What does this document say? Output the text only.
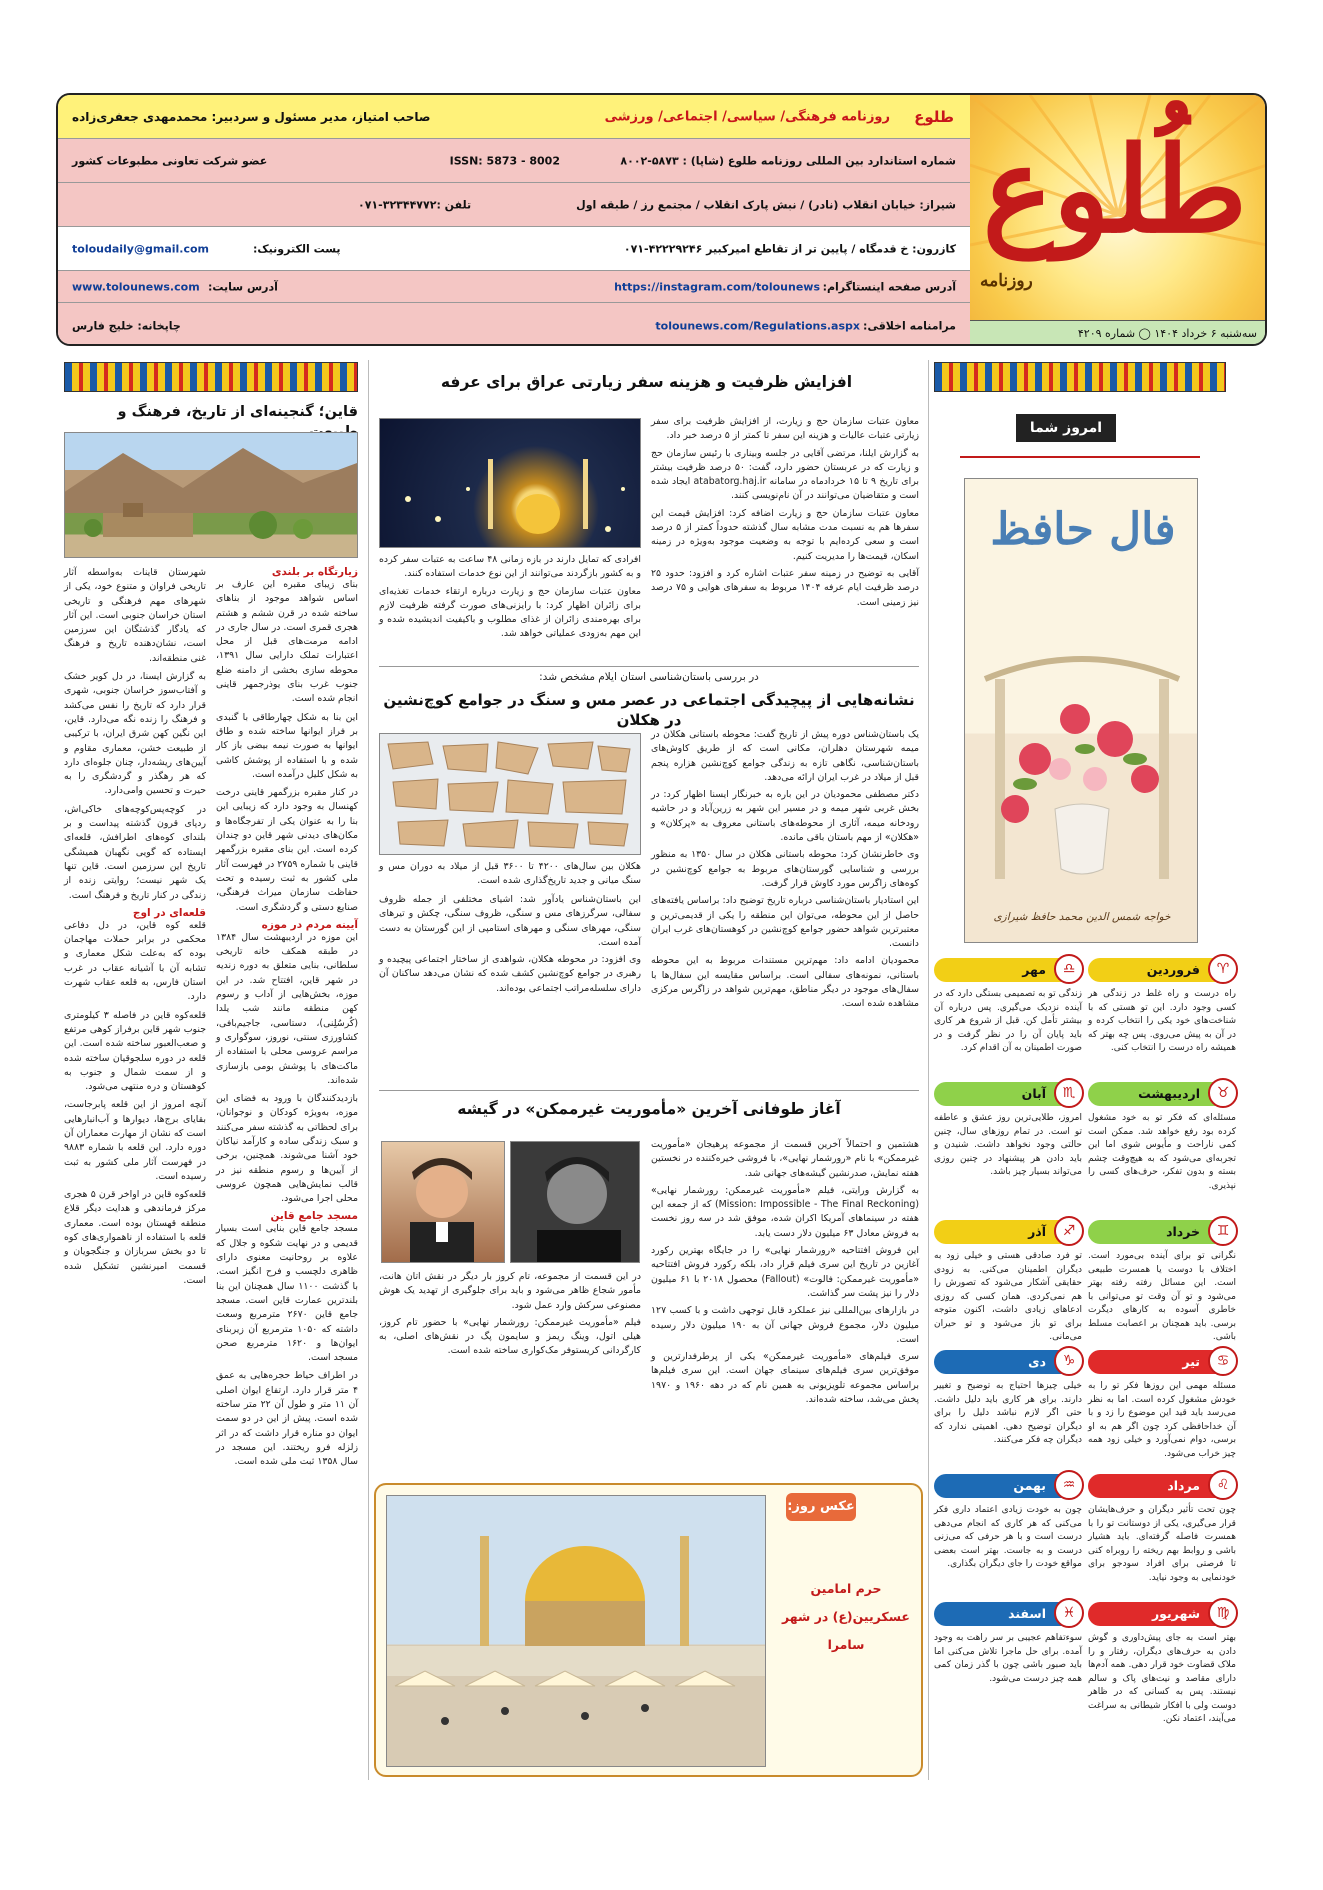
طُلوع
روزنامه
سه‌شنبه ۶ خرداد ۱۴۰۴ ◯ شماره ۴۲۰۹
طلوع
روزنامه فرهنگی/ سیاسی/ اجتماعی/ ورزشی
صاحب امتیاز، مدیر مسئول و سردبیر: محمدمهدی جعفری‌زاده
شماره استاندارد بین المللی روزنامه طلوع (شاپا) : ۵۸۷۳-۸۰۰۲
ISSN: 5873 - 8002
عضو شرکت تعاونی مطبوعات کشور
شیراز: خیابان انقلاب (نادر) / نبش پارک انقلاب / مجتمع رز / طبقه اول
تلفن :۳۲۳۴۴۷۷۲-۰۷۱
کازرون: خ قدمگاه / پایین تر از تقاطع امیرکبیر ۴۲۲۲۹۲۴۶-۰۷۱
پست الکترونیک:
toloudaily@gmail.com
آدرس صفحه اینستاگرام:
https://instagram.com/tolounews
آدرس سایت:
www.tolounews.com
مرامنامه اخلاقی:
tolounews.com/Regulations.aspx
چاپخانه: خلیج فارس
قاین؛ گنجینه‌ای از تاریخ، فرهنگ و
زیارتگاه بر بلندی

بنای زیبای مقبره این عارف بر اساس شواهد موجود از بناهای ساخته شده در قرن ششم و هشتم هجری قمری است. در سال جاری در ادامه مرمت‌های قبل از محل اعتبارات تملک دارایی سال ۱۳۹۱، محوطه سازی بخشی از دامنه ضلع جنوب غرب بنای یوذرجمهر قاینی انجام شده است.

این بنا به شکل چهارطاقی با گنبدی بر فراز ایوانها ساخته شده و طاق ایوانها به صورت نیمه بیضی باز کار شده و با استفاده از پوشش کاشی به شکل کلیل درآمده است.

در کنار مقبره بزرگمهر قاینی درخت کهنسال به وجود دارد که زیبایی این بنا را به عنوان یکی از تفرجگاه‌ها و مکان‌های دیدنی شهر قاین دو چندان کرده است. این بنای مقبره بزرگمهر قاینی با شماره ۲۷۵۹ در فهرست آثار ملی کشور به ثبت رسیده و تحت حفاظت سازمان میراث فرهنگی، صنایع دستی و گردشگری است.

آیینه مردم در موزه

این موزه در اردیبهشت سال ۱۳۸۴ در طبقه همکف خانه تاریخی سلطانی، بنایی متعلق به دوره زندیه در شهر قاین، افتتاح شد. در این موزه، بخش‌هایی از آداب و رسوم کهن منطقه مانند شب یلدا (کُرسُلِنی)، دستاسی، جاجیم‌بافی، کشاورزی سنتی، نوروز، سوگواری و مراسم عروسی محلی با استفاده از ماکت‌های با پوشش بومی بازسازی شده‌اند.

بازدیدکنندگان با ورود به فضای این موزه، به‌ویژه کودکان و نوجوانان، برای لحظاتی به گذشته سفر می‌کنند و سبک زندگی ساده و کارآمد نیاکان خود آشنا می‌شوند. همچنین، برخی از آیین‌ها و رسوم منطقه نیز در قالب نمایش‌هایی همچون عروسی محلی اجرا می‌شود.

مسجد جامع قاین

مسجد جامع قاین بنایی است بسیار قدیمی و در نهایت شکوه و جلال که علاوه بر روحانیت معنوی دارای ظاهری دلچسب و فرح انگیز است. با گذشت ۱۱۰۰ سال همچنان این بنا بلندترین عمارت قاین است. مسجد جامع قاین ۲۶۷۰ مترمربع وسعت داشته که ۱۰۵۰ مترمربع آن زیربنای ایوان‌ها و ۱۶۲۰ مترمربع صحن مسجد است.

در اطراف حیاط حجره‌هایی به عمق ۴ متر قرار دارد. ارتفاع ایوان اصلی آن ۱۱ متر و طول آن ۲۲ متر ساخته شده است. پیش از این در دو سمت ایوان دو مناره قرار داشت که در اثر زلزله فرو ریختند. این مسجد در سال ۱۳۵۸ ثبت ملی شده است.

شهرستان قاینات به‌واسطه آثار تاریخی فراوان و متنوع خود، یکی از شهرهای مهم فرهنگی و تاریخی استان خراسان جنوبی است. این آثار که یادگار گذشتگان این سرزمین است، نشان‌دهنده تاریخ و فرهنگ غنی منطقه‌اند.

به گزارش ایسنا، در دل کویر خشک و آفتاب‌سوز خراسان جنوبی، شهری قرار دارد که تاریخ را نفس می‌کشد و فرهنگ را زنده نگه می‌دارد. قاین، این نگین کهن شرق ایران، با ترکیبی از طبیعت خشن، معماری مقاوم و آیین‌های ریشه‌دار، چنان جلوه‌ای دارد که هر رهگذر و گردشگری را به حیرت و تحسین وامی‌دارد.

در کوچه‌پس‌کوچه‌های خاکی‌اش، ردپای قرون گذشته پیداست و بر بلندای کوه‌های اطرافش، قلعه‌ای ایستاده که گویی نگهبان همیشگی تاریخ این سرزمین است. قاین تنها یک شهر نیست؛ روایتی زنده از زندگی در کنار تاریخ و فرهنگ است.

قلعه‌ای در اوج

قلعه کوه قاین، در دل دفاعی محکمی در برابر حملات مهاجمان بوده که به‌علت شکل معماری و تشابه آن با آشیانه عقاب در غرب استان فارس، به قلعه عقاب شهرت دارد.

قلعه‌کوه قاین در فاصله ۳ کیلومتری جنوب شهر قاین برفراز کوهی مرتفع و صعب‌العبور ساخته شده است. این قلعه در دوره سلجوقیان ساخته شده و از سمت شمال و جنوب به کوهستان و دره منتهی می‌شود.

آنچه امروز از این قلعه پابرجاست، بقایای برج‌ها، دیوارها و آب‌انبارهایی است که نشان از مهارت معماران آن دوره دارد. این قلعه با شماره ۹۸۸۳ در فهرست آثار ملی کشور به ثبت رسیده است.

قلعه‌کوه قاین در اواخر قرن ۵ هجری مرکز فرماندهی و هدایت دیگر قلاع منطقه قهستان بوده است. معماری قلعه با استفاده از ناهمواری‌های کوه تا دو بخش سربازان و جنگجویان و قسمت امیرنشین تشکیل شده است.

افزایش ظرفیت و هزینه سفر زیارتی عراق برای عرفه

معاون عتبات سازمان حج و زیارت، از افزایش ظرفیت برای سفر زیارتی عتبات عالیات و هزینه این سفر تا کمتر از ۵ درصد خبر داد.

به گزارش ایلنا، مرتضی آقایی در جلسه وبیناری با رئیس سازمان حج و زیارت که در عربستان حضور دارد، گفت: ۵۰ درصد ظرفیت بیشتر برای تاریخ ۹ تا ۱۵ خردادماه در سامانه atabatorg.haj.ir ایجاد شده است و متقاضیان می‌توانند در آن نام‌نویسی کنند.

معاون عتبات سازمان حج و زیارت اضافه کرد: افزایش قیمت این سفرها هم به نسبت مدت مشابه سال گذشته حدوداً کمتر از ۵ درصد است و سعی کرده‌ایم با توجه به وضعیت موجود به‌ویژه در زمینه اسکان، قیمت‌ها را مدیریت کنیم.

آقایی به توضیح در زمینه سفر عتبات اشاره کرد و افزود: حدود ۲۵ درصد ظرفیت ایام عرفه ۱۴۰۴ مربوط به سفرهای هوایی و ۷۵ درصد نیز زمینی است.

افرادی که تمایل دارند در بازه زمانی ۴۸ ساعت به عتبات سفر کرده و به کشور بازگردند می‌توانند از این نوع خدمات استفاده کنند.

معاون عتبات سازمان حج و زیارت درباره ارتقاء خدمات تغذیه‌ای برای زائران اظهار کرد: با رایزنی‌های صورت گرفته ظرفیت لازم برای بهره‌مندی زائران از غذای مطلوب و باکیفیت اندیشیده شده و این مهم به‌زودی عملیاتی خواهد شد.

در بررسی باستان‌شناسی استان ایلام مشخص شد:
نشانه‌هایی از پیچیدگی اجتماعی در عصر مس و سنگ در جوامع کوچ‌نشین در هکلان

یک باستان‌شناس دوره پیش از تاریخ گفت: محوطه باستانی هکلان در میمه شهرستان دهلران، مکانی است که از طریق کاوش‌های باستان‌شناسی، نگاهی تازه به زندگی جوامع کوچ‌نشین هزاره پنجم قبل از میلاد در غرب ایران ارائه می‌دهد.

دکتر مصطفی محمودیان در این باره به خبرنگار ایسنا اظهار کرد: در بخش غربی شهر میمه و در مسیر این شهر به زرین‌آباد و در حاشیه رودخانه میمه، آثاری از محوطه‌های باستانی معروف به «پرکلان» و «هکلان» از مهم باستان باقی مانده.

وی خاطرنشان کرد: محوطه باستانی هکلان در سال ۱۳۵۰ به منظور بررسی و شناسایی گورستان‌های مربوط به جوامع کوچ‌نشین در کوه‌های زاگرس مورد کاوش قرار گرفت.

این استادیار باستان‌شناسی درباره تاریخ توضیح داد: براساس یافته‌های حاصل از این محوطه، می‌توان این منطقه را یکی از قدیمی‌ترین و معتبرترین شواهد حضور جوامع کوچ‌نشین در کوهستان‌های غرب ایران دانست.

محمودیان ادامه داد: مهم‌ترین مستندات مربوط به این محوطه باستانی، نمونه‌های سفالی است. براساس مقایسه این سفال‌ها با سفال‌های موجود در دیگر مناطق، مهم‌ترین شواهد در زاگرس مرکزی مشاهده شده است.

هکلان بین سال‌های ۴۲۰۰ تا ۳۶۰۰ قبل از میلاد به دوران مس و سنگ میانی و جدید تاریخ‌گذاری شده است.

این باستان‌شناس یادآور شد: اشیای مختلفی از جمله ظروف سفالی، سرگرزهای مس و سنگی، ظروف سنگی، چکش و تیرهای سنگی، مهرهای سنگی و مهرهای استامپی از این گورستان به دست آمده است.

وی افزود: در محوطه هکلان، شواهدی از ساختار اجتماعی پیچیده و رهبری در جوامع کوچ‌نشین کشف شده که نشان می‌دهد ساکنان آن دارای سلسله‌مراتب اجتماعی بوده‌اند.

آغاز طوفانی آخرین «مأموریت غیرممکن» در گیشه

هشتمین و احتمالاً آخرین قسمت از مجموعه پرهیجان «مأموریت غیرممکن» با نام «رورشمار نهایی»، با فروشی خیره‌کننده در نخستین هفته نمایش، صدرنشین گیشه‌های جهانی شد.

به گزارش ورایتی، فیلم «مأموریت غیرممکن: رورشمار نهایی» (Mission: Impossible - The Final Reckoning) که از جمعه این هفته در سینماهای آمریکا اکران شده، موفق شد در سه روز نخست به فروش معادل ۶۳ میلیون دلار دست یابد.

این فروش افتتاحیه «رورشمار نهایی» را در جایگاه بهترین رکورد آغازین در تاریخ این سری فیلم قرار داد، بلکه رکورد فروش افتتاحیه «مأموریت غیرممکن: فالوت» (Fallout) محصول ۲۰۱۸ با ۶۱ میلیون دلار را نیز پشت سر گذاشت.

در بازارهای بین‌المللی نیز عملکرد قابل توجهی داشت و با کسب ۱۲۷ میلیون دلار، مجموع فروش جهانی آن به ۱۹۰ میلیون دلار رسیده است.

سری فیلم‌های «مأموریت غیرممکن» یکی از پرطرفدارترین و موفق‌ترین سری فیلم‌های سینمای جهان است. این سری فیلم‌ها براساس مجموعه تلویزیونی به همین نام که در دهه ۱۹۶۰ و ۱۹۷۰ پخش می‌شد، ساخته شده‌اند.

در این قسمت از مجموعه، تام کروز بار دیگر در نقش اتان هانت، مأمور شجاع ظاهر می‌شود و باید برای جلوگیری از تهدید یک هوش مصنوعی سرکش وارد عمل شود.

فیلم «مأموریت غیرممکن: رورشمار نهایی» با حضور تام کروز، هیلی اتول، وینگ ریمز و سایمون پگ در نقش‌های اصلی، به کارگردانی کریستوفر مک‌کواری ساخته شده است.

عکس روز:
حرم امامین عسکریین(ع) در شهر سامرا
امروز شما
فال حافظ
خواجه شمس الدین محمد حافظ شیرازی
فروردین	♈

راه درست و راه غلط در زندگی هر کسی وجود دارد. این تو هستی که با شناخت‌های خود یکی را انتخاب کرده و در آن به پیش می‌روی. پس چه بهتر که همیشه راه درست را انتخاب کنی.

مهر	♎

زندگی تو به تصمیمی بستگی دارد که در آینده نزدیک می‌گیری. پس درباره آن بیشتر تأمل کن. قبل از شروع هر کاری باید پایان آن را در نظر گرفت و در صورت اطمینان به آن اقدام کرد.

اردیبهشت	♉

مسئله‌ای که فکر تو به خود مشغول کرده بود رفع خواهد شد. ممکن است کمی ناراحت و مأیوس شوی اما این تجربه‌ای می‌شود که به هیچ‌وقت چشم بسته و بدون تفکر، حرف‌های کسی را نپذیری.

آبان	♏

امروز، طلایی‌ترین روز عشق و عاطفه تو است. در تمام روزهای سال، چنین حالتی وجود نخواهد داشت. شنیدن و باید دادن هر پیشنهاد در چنین روزی می‌تواند بسیار چیز باشد.

خرداد	♊

نگرانی تو برای آینده بی‌مورد است. اختلاف با دوست یا همسرت طبیعی است. این مسائل رفته رفته بهتر می‌شود و تو آن وقت تو می‌توانی با خاطری آسوده به کارهای دیگرت برسی. باید همچنان بر اعصابت مسلط باشی.

آذر	♐

تو فرد صادقی هستی و خیلی زود به دیگران اطمینان می‌کنی. به زودی حقایقی آشکار می‌شود که تصورش را هم نمی‌کردی. همان کسی که روزی ادعاهای زیادی داشت، اکنون متوجه برای تو باز می‌شود و تو حیران می‌مانی.

تیر	♋

مسئله مهمی این روزها فکر تو را به خودش مشغول کرده است. اما به نظر می‌رسد باید قید این موضوع را زد و با آن خداحافظی کرد چون اگر هم به او برسی، دوام نمی‌آورد و خیلی زود همه چیز خراب می‌شود.

دی	♑

خیلی چیزها احتیاج به توضیح و تغییر دارند. برای هر کاری باید دلیل داشت. حتی اگر لازم نباشد دلیل را برای دیگران توضیح دهی. اهمیتی ندارد که دیگران چه فکر می‌کنند.

مرداد	♌

چون تحت تأثیر دیگران و حرف‌هایشان قرار می‌گیری، یکی از دوستانت تو را با همسرت فاصله گرفته‌ای. باید هشیار باشی و روابط بهم ریخته را روبراه کنی تا فرصتی برای افراد سودجو برای خودنمایی به وجود نیاید.

بهمن	♒

چون به خودت زیادی اعتماد داری فکر می‌کنی که هر کاری که انجام می‌دهی درست است و با هر حرفی که می‌زنی درست و به جاست. بهتر است بعضی مواقع خودت را جای دیگران بگذاری.

شهریور	♍

بهتر است به جای پیش‌داوری و گوش دادن به حرف‌های دیگران، رفتار و را ملاک قضاوت خود قرار دهی. همه آدم‌ها دارای مقاصد و نیت‌های پاک و سالم نیستند. پس به کسانی که در ظاهر دوست ولی با افکار شیطانی به سراغت می‌آیند، اعتماد نکن.

اسفند	♓

سوءتفاهم عجیبی بر سر راهت به وجود آمده. برای حل ماجرا تلاش می‌کنی اما باید صبور باشی چون با گذر زمان کمی همه چیز درست می‌شود.
